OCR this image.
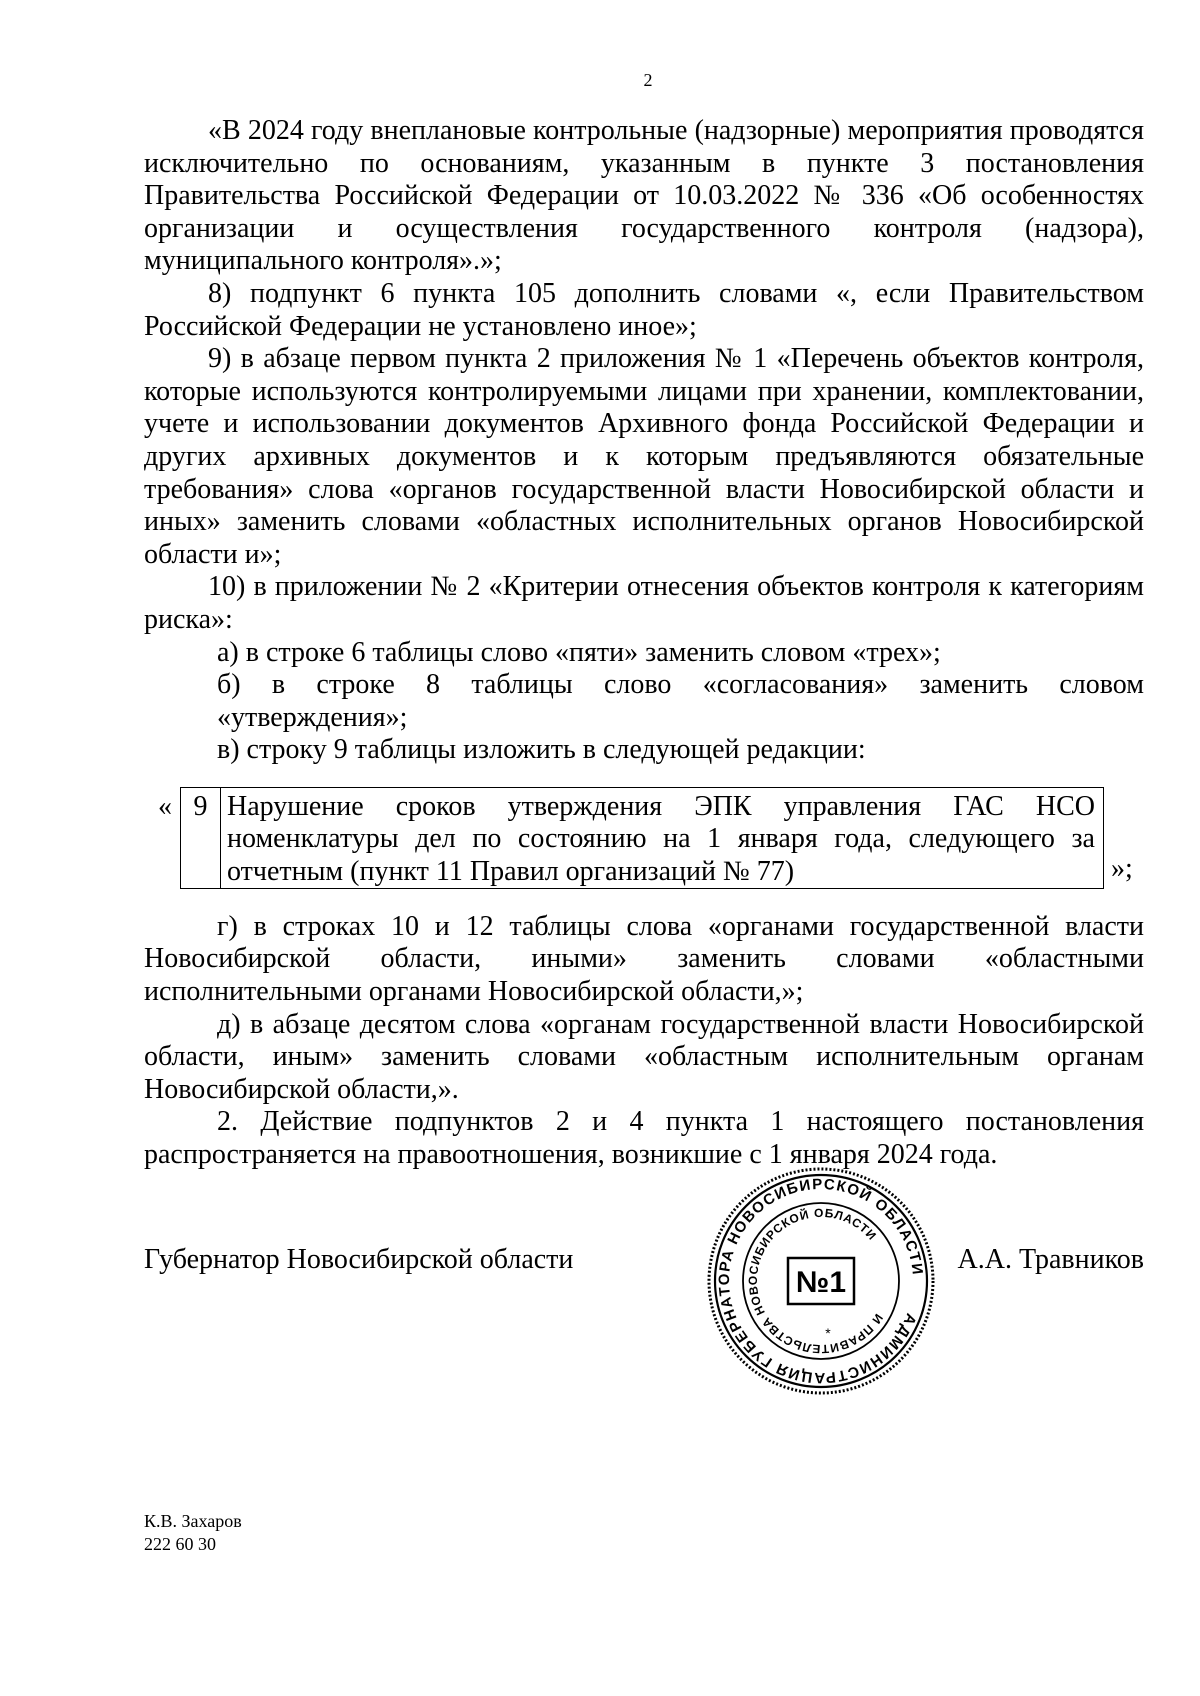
2

«В 2024 году внеплановые контрольные (надзорные) мероприятия проводятся исключительно по основаниям, указанным в пункте 3 постановления Правительства Российской Федерации от 10.03.2022 № 336 «Об особенностях организации и осуществления государственного контроля (надзора), муниципального контроля».»;

8) подпункт 6 пункта 105 дополнить словами «, если Правительством Российской Федерации не установлено иное»;

9) в абзаце первом пункта 2 приложения № 1 «Перечень объектов контроля, которые используются контролируемыми лицами при хранении, комплектовании, учете и использовании документов Архивного фонда Российской Федерации и других архивных документов и к которым предъявляются обязательные требования» слова «органов государственной власти Новосибирской области и иных» заменить словами «областных исполнительных органов Новосибирской области и»;

10) в приложении № 2 «Критерии отнесения объектов контроля к категориям риска»:

а) в строке 6 таблицы слово «пяти» заменить словом «трех»;

б) в строке 8 таблицы слово «согласования» заменить словом «утверждения»;

в) строку 9 таблицы изложить в следующей редакции:

« 9 Нарушение сроков утверждения ЭПК управления ГАС НСО номенклатуры дел по состоянию на 1 января года, следующего за отчетным (пункт 11 Правил организаций № 77)	»;

г) в строках 10 и 12 таблицы слова «органами государственной власти Новосибирской области, иными» заменить словами «областными исполнительными органами Новосибирской области,»;

д) в абзаце десятом слова «органам государственной власти Новосибирской области, иным» заменить словами «областным исполнительным органам Новосибирской области,».

2. Действие подпунктов 2 и 4 пункта 1 настоящего постановления распространяется на правоотношения, возникшие с 1 января 2024 года.

Губернатор Новосибирской области	А.А. Травников
АДМИНИСТРАЦИЯ ГУБЕРНАТОРА НОВОСИБИРСКОЙ ОБЛАСТИ
И ПРАВИТЕЛЬСТВА НОВОСИБИРСКОЙ ОБЛАСТИ
№1
*
К.В. Захаров
222 60 30
